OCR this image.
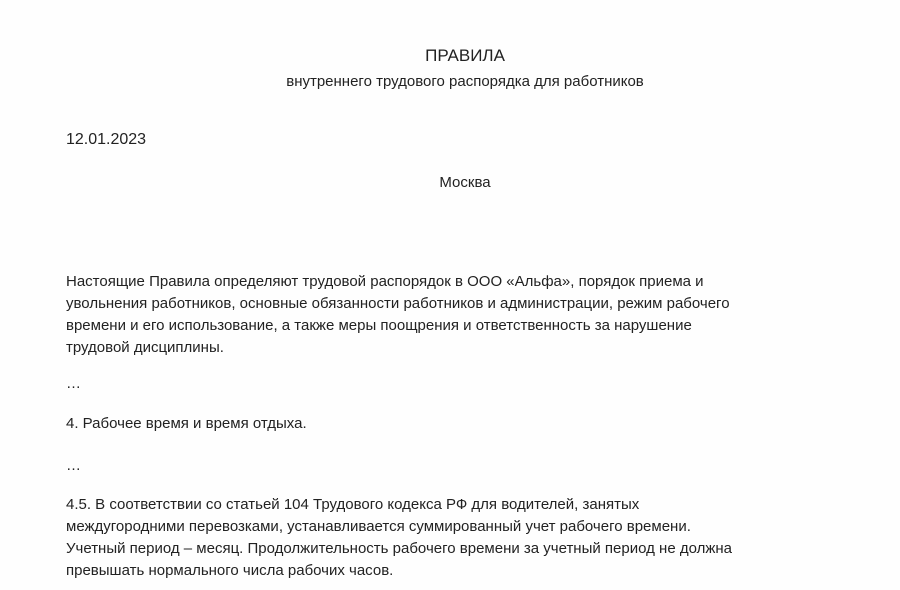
ПРАВИЛА
внутреннего трудового распорядка для работников
12.01.2023
Москва
Настоящие Правила определяют трудовой распорядок в ООО «Альфа», порядок приема и
увольнения работников, основные обязанности работников и администрации, режим рабочего
времени и его использование, а также меры поощрения и ответственность за нарушение
трудовой дисциплины.
…
4. Рабочее время и время отдыха.
…
4.5. В соответствии со статьей 104 Трудового кодекса РФ для водителей, занятых
междугородними перевозками, устанавливается суммированный учет рабочего времени.
Учетный период – месяц. Продолжительность рабочего времени за учетный период не должна
превышать нормального числа рабочих часов.
